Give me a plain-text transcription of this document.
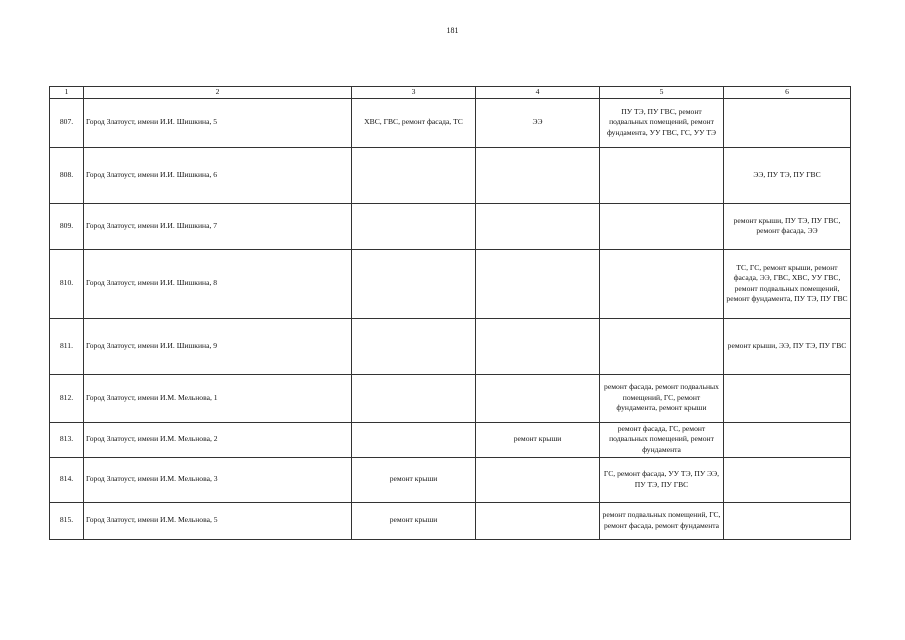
181
1	2	3	4	5	6
807.	Город Златоуст, имени И.И. Шишкина, 5	ХВС, ГВС, ремонт фасада, ТС	ЭЭ	ПУ ТЭ, ПУ ГВС, ремонт подвальных помещений, ремонт фундамента, УУ ГВС, ГС, УУ ТЭ	
808.	Город Златоуст, имени И.И. Шишкина, 6				ЭЭ, ПУ ТЭ, ПУ ГВС
809.	Город Златоуст, имени И.И. Шишкина, 7				ремонт крыши, ПУ ТЭ, ПУ ГВС, ремонт фасада, ЭЭ
810.	Город Златоуст, имени И.И. Шишкина, 8				ТС, ГС, ремонт крыши, ремонт фасада, ЭЭ, ГВС, ХВС, УУ ГВС, ремонт подвальных помещений, ремонт фундамента, ПУ ТЭ, ПУ ГВС
811.	Город Златоуст, имени И.И. Шишкина, 9				ремонт крыши, ЭЭ, ПУ ТЭ, ПУ ГВС
812.	Город Златоуст, имени И.М. Мельнова, 1			ремонт фасада, ремонт подвальных помещений, ГС, ремонт фундамента, ремонт крыши	
813.	Город Златоуст, имени И.М. Мельнова, 2		ремонт крыши	ремонт фасада, ГС, ремонт подвальных помещений, ремонт фундамента	
814.	Город Златоуст, имени И.М. Мельнова, 3	ремонт крыши		ГС, ремонт фасада, УУ ТЭ, ПУ ЭЭ, ПУ ТЭ, ПУ ГВС	
815.	Город Златоуст, имени И.М. Мельнова, 5	ремонт крыши		ремонт подвальных помещений, ГС, ремонт фасада, ремонт фундамента	
